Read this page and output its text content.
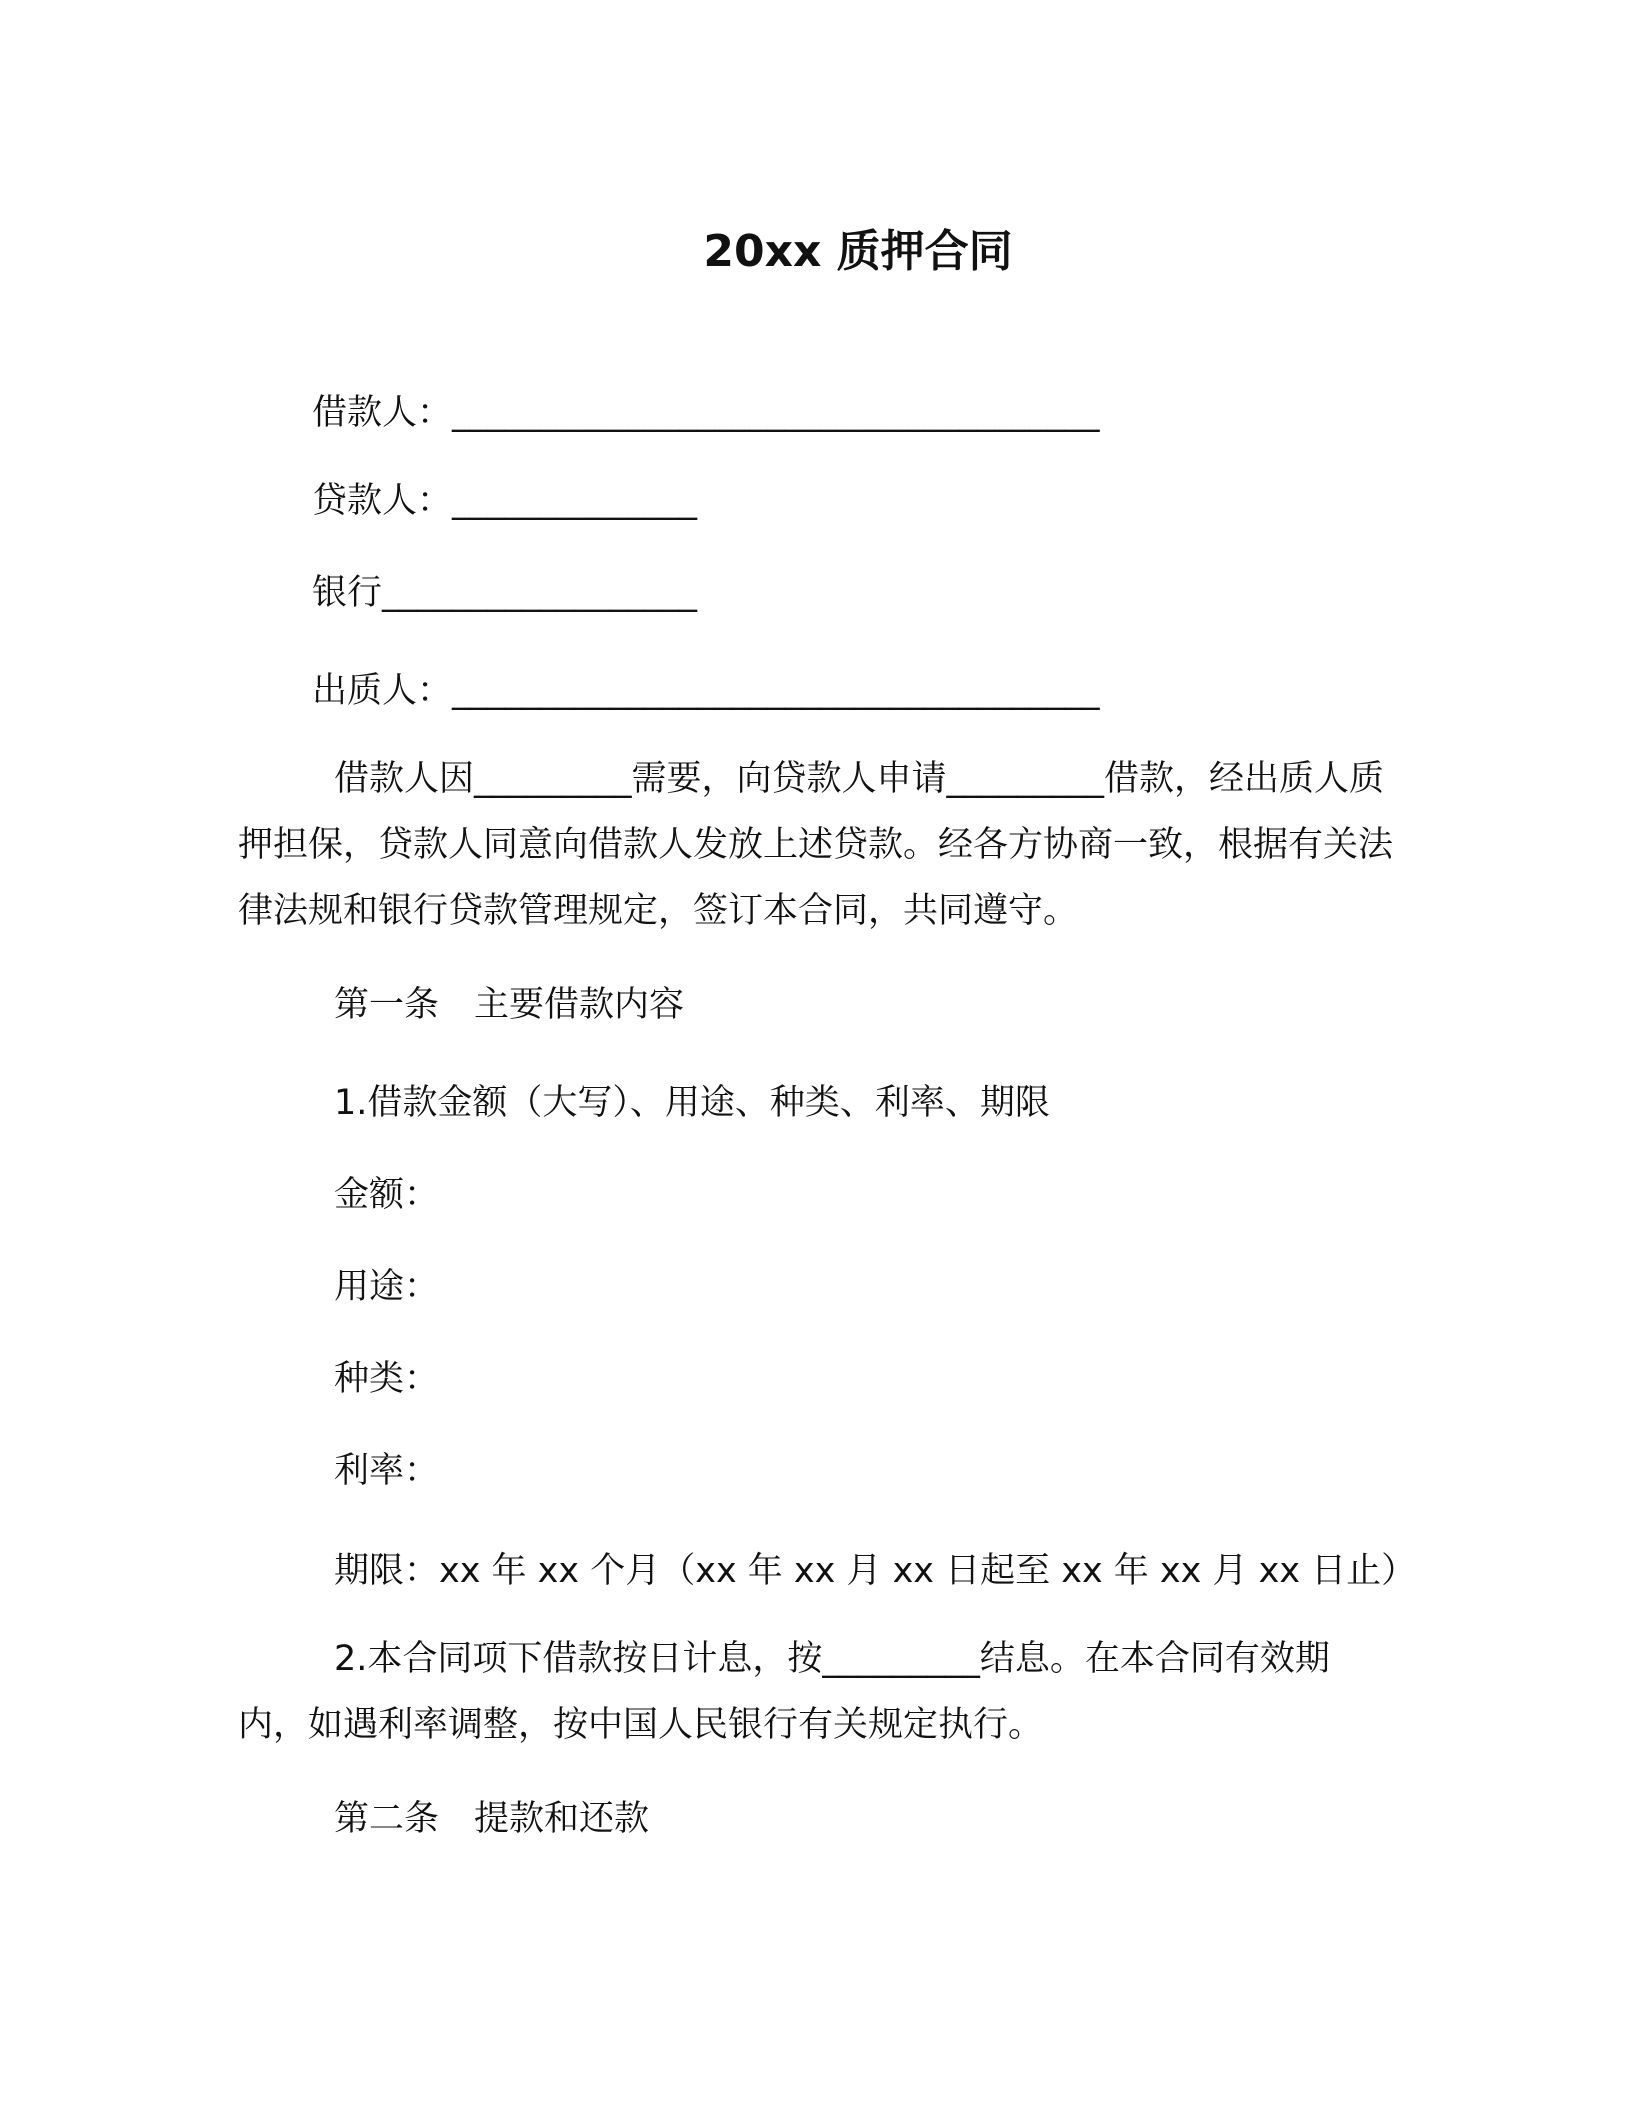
20xx 质押合同
借款人：_____________________________________
贷款人：______________
银行__________________
出质人：_____________________________________
借款人因_________需要，向贷款人申请_________借款，经出质人质押担保，贷款人同意向借款人发放上述贷款。经各方协商一致，根据有关法律法规和银行贷款管理规定，签订本合同，共同遵守。
第一条　主要借款内容
1.借款金额（大写）、用途、种类、利率、期限
金额：
用途：
种类：
利率：
期限：xx 年 xx 个月（xx 年 xx 月 xx 日起至 xx 年 xx 月 xx 日止）
2.本合同项下借款按日计息，按_________结息。在本合同有效期内，如遇利率调整，按中国人民银行有关规定执行。
第二条　提款和还款
